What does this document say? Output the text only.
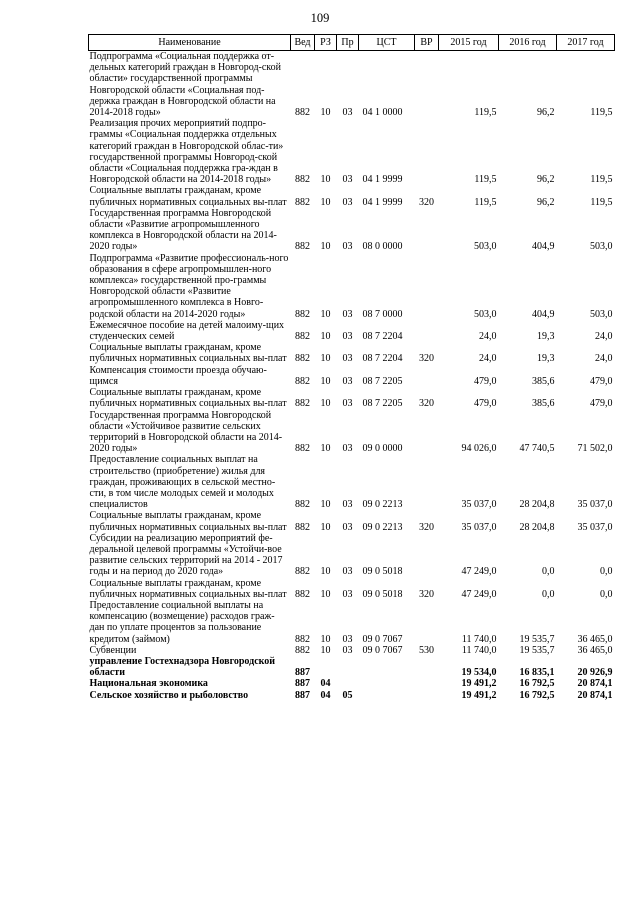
109
Наименование	Вед	РЗ	Пр	ЦСТ	ВР	2015 год	2016 год	2017 год
Подпрограмма «Социальная поддержка от-дельных категорий граждан в Новгород-ской области» государственной программы Новгородской области «Социальная под-держка граждан в Новгородской области на 2014-2018 годы»	882	10	03	04 1 0000		119,5	96,2	119,5
Реализация прочих мероприятий подпро-граммы «Социальная поддержка отдельных категорий граждан в Новгородской облас-ти» государственной программы Новгород-ской области «Социальная поддержка гра-ждан в Новгородской области на 2014-2018 годы»	882	10	03	04 1 9999		119,5	96,2	119,5
Социальные выплаты гражданам, кроме публичных нормативных социальных вы-плат	882	10	03	04 1 9999	320	119,5	96,2	119,5
Государственная программа Новгородской области «Развитие агропромышленного комплекса в Новгородской области на 2014-2020 годы»	882	10	03	08 0 0000		503,0	404,9	503,0
Подпрограмма «Развитие профессиональ-ного образования в сфере агропромышлен-ного комплекса» государственной про-граммы Новгородской области «Развитие агропромышленного комплекса в Новго-родской области на 2014-2020 годы»	882	10	03	08 7 0000		503,0	404,9	503,0
Ежемесячное пособие на детей малоиму-щих студенческих семей	882	10	03	08 7 2204		24,0	19,3	24,0
Социальные выплаты гражданам, кроме публичных нормативных социальных вы-плат	882	10	03	08 7 2204	320	24,0	19,3	24,0
Компенсация стоимости проезда обучаю-щимся	882	10	03	08 7 2205		479,0	385,6	479,0
Социальные выплаты гражданам, кроме публичных нормативных социальных вы-плат	882	10	03	08 7 2205	320	479,0	385,6	479,0
Государственная программа Новгородской области «Устойчивое развитие сельских территорий в Новгородской области на 2014-2020 годы»	882	10	03	09 0 0000		94 026,0	47 740,5	71 502,0
Предоставление социальных выплат на строительство (приобретение) жилья для граждан, проживающих в сельской местно-сти, в том числе молодых семей и молодых специалистов	882	10	03	09 0 2213		35 037,0	28 204,8	35 037,0
Социальные выплаты гражданам, кроме публичных нормативных социальных вы-плат	882	10	03	09 0 2213	320	35 037,0	28 204,8	35 037,0
Субсидии на реализацию мероприятий фе-деральной целевой программы «Устойчи-вое развитие сельских территорий на 2014 - 2017 годы и на период до 2020 года»	882	10	03	09 0 5018		47 249,0	0,0	0,0
Социальные выплаты гражданам, кроме публичных нормативных социальных вы-плат	882	10	03	09 0 5018	320	47 249,0	0,0	0,0
Предоставление социальной выплаты на компенсацию (возмещение) расходов граж-дан по уплате процентов за пользование кредитом (займом)	882	10	03	09 0 7067		11 740,0	19 535,7	36 465,0
Субвенции	882	10	03	09 0 7067	530	11 740,0	19 535,7	36 465,0
управление Гостехнадзора Новгородской области	887					19 534,0	16 835,1	20 926,9
Национальная экономика	887	04				19 491,2	16 792,5	20 874,1
Сельское хозяйство и рыболовство	887	04	05			19 491,2	16 792,5	20 874,1
